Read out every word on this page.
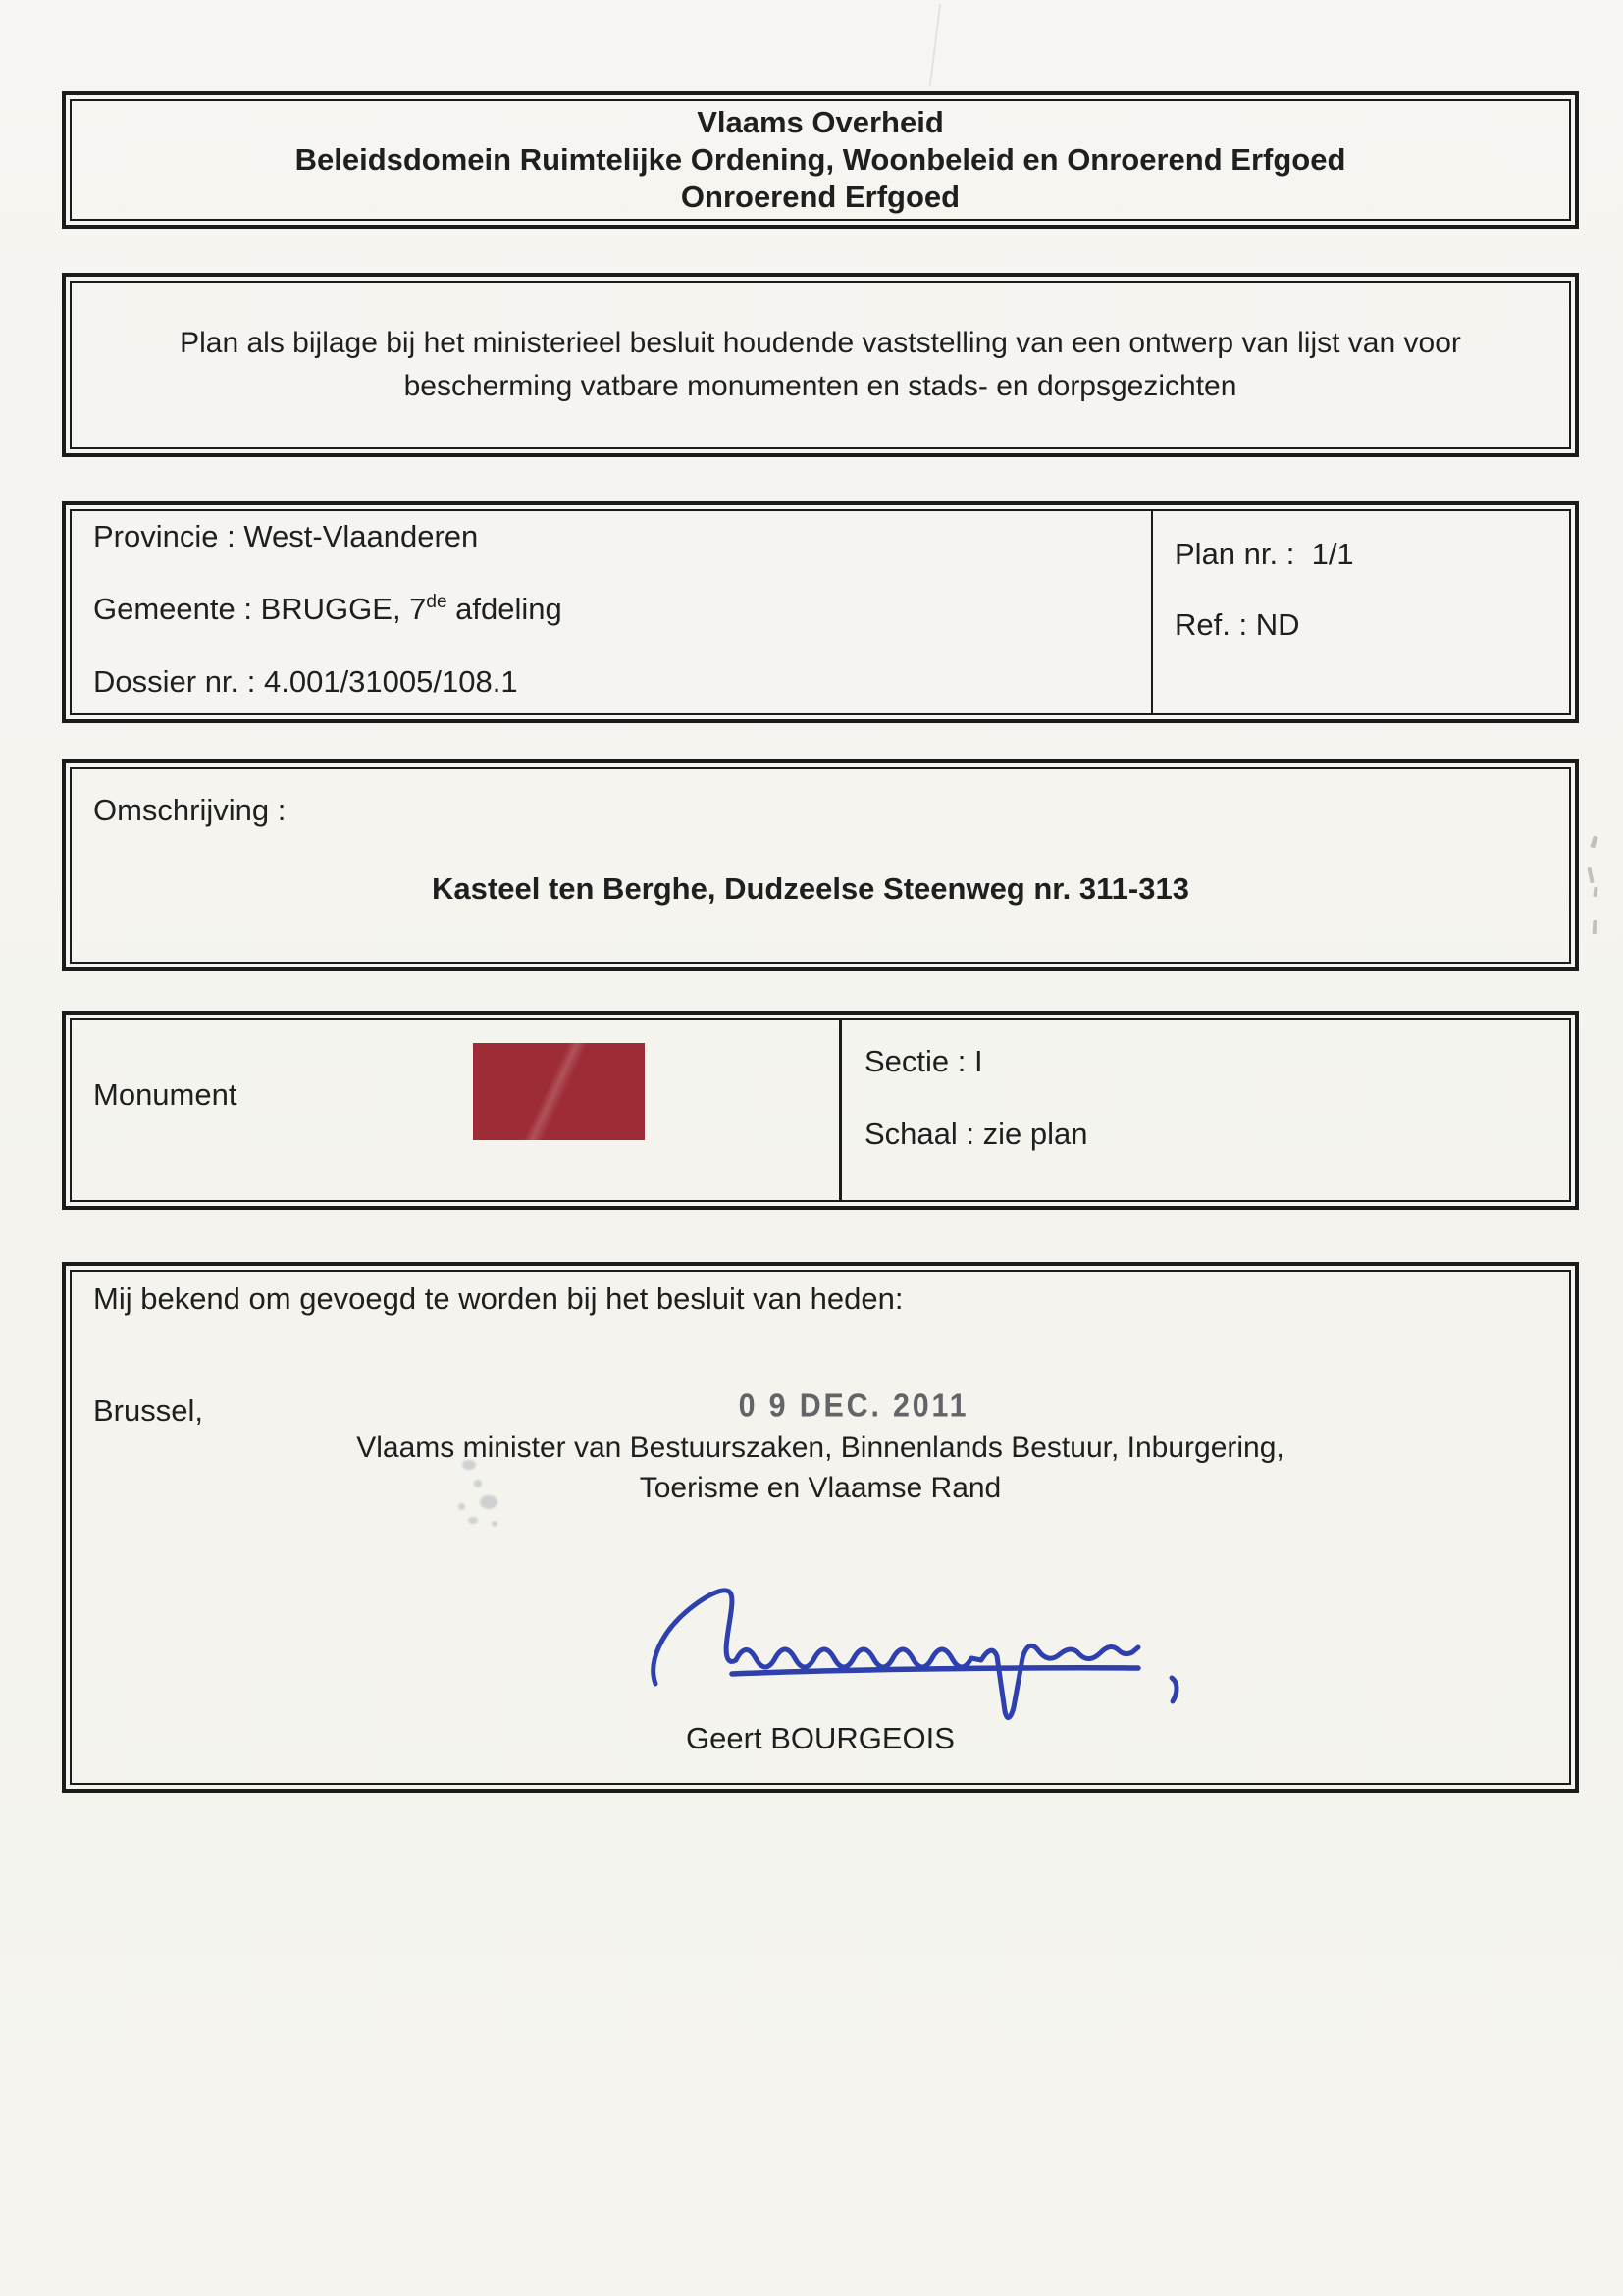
Vlaams Overheid
Beleidsdomein Ruimtelijke Ordening, Woonbeleid en Onroerend Erfgoed
Onroerend Erfgoed
Plan als bijlage bij het ministerieel besluit houdende vaststelling van een ontwerp van lijst van voor
bescherming vatbare monumenten en stads- en dorpsgezichten
Provincie : West-Vlaanderen
Gemeente : BRUGGE, 7de afdeling
Dossier nr. : 4.001/31005/108.1
Plan nr. :  1/1
Ref. : ND
Omschrijving :
Kasteel ten Berghe, Dudzeelse Steenweg nr. 311-313
Monument
Sectie : I
Schaal : zie plan
Mij bekend om gevoegd te worden bij het besluit van heden:
Brussel,	0 9 DEC. 2011
Vlaams minister van Bestuurszaken, Binnenlands Bestuur, Inburgering,
Toerisme en Vlaamse Rand
Geert BOURGEOIS
